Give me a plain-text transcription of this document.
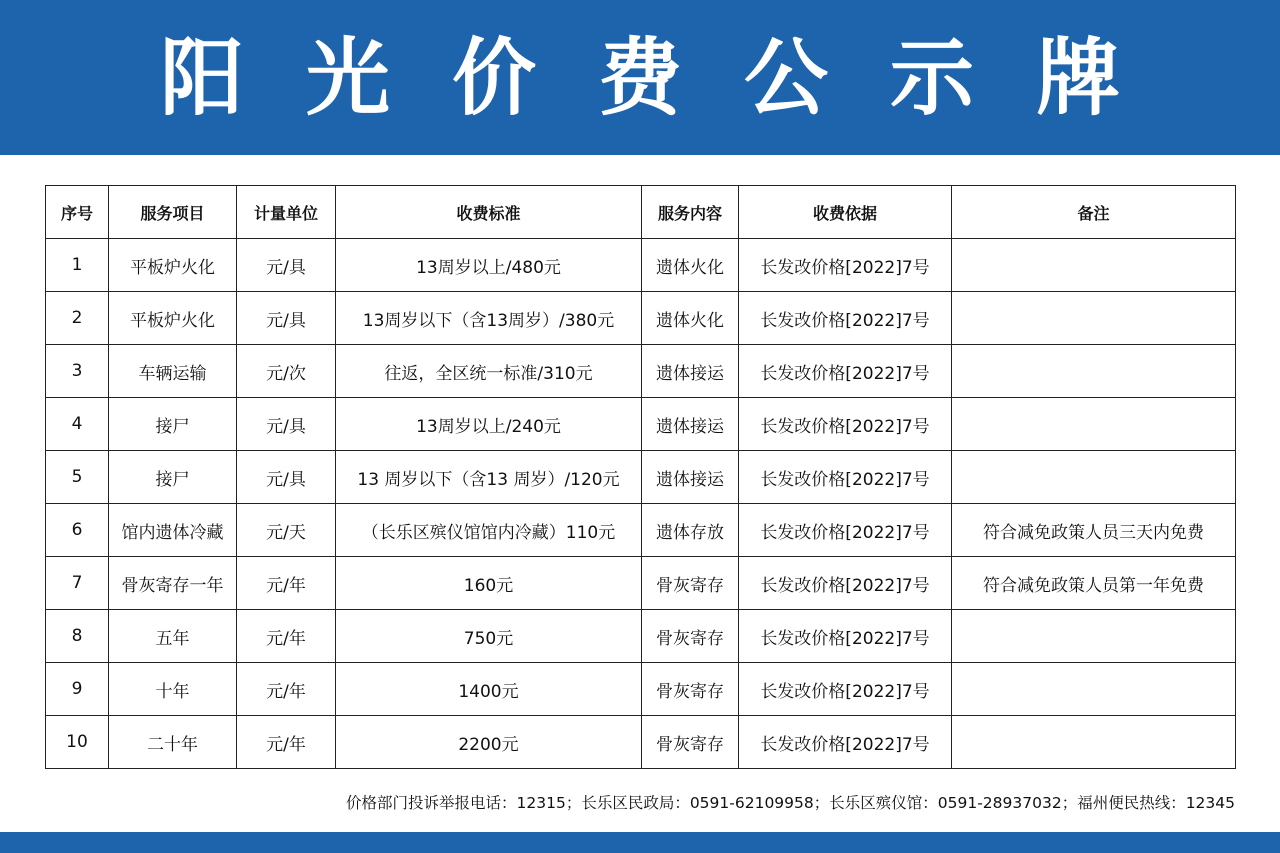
阳光价费公示牌
序号	服务项目	计量单位	收费标准	服务内容	收费依据	备注
1	平板炉火化	元/具	13周岁以上/480元	遗体火化	长发改价格[2022]7号	
2	平板炉火化	元/具	13周岁以下（含13周岁）/380元	遗体火化	长发改价格[2022]7号	
3	车辆运输	元/次	往返，全区统一标准/310元	遗体接运	长发改价格[2022]7号	
4	接尸	元/具	13周岁以上/240元	遗体接运	长发改价格[2022]7号	
5	接尸	元/具	13 周岁以下（含13 周岁）/120元	遗体接运	长发改价格[2022]7号	
6	馆内遗体冷藏	元/天	（长乐区殡仪馆馆内冷藏）110元	遗体存放	长发改价格[2022]7号	符合减免政策人员三天内免费
7	骨灰寄存一年	元/年	160元	骨灰寄存	长发改价格[2022]7号	符合减免政策人员第一年免费
8	五年	元/年	750元	骨灰寄存	长发改价格[2022]7号	
9	十年	元/年	1400元	骨灰寄存	长发改价格[2022]7号	
10	二十年	元/年	2200元	骨灰寄存	长发改价格[2022]7号	
价格部门投诉举报电话：12315；长乐区民政局：0591-62109958；长乐区殡仪馆：0591-28937032；福州便民热线：12345
